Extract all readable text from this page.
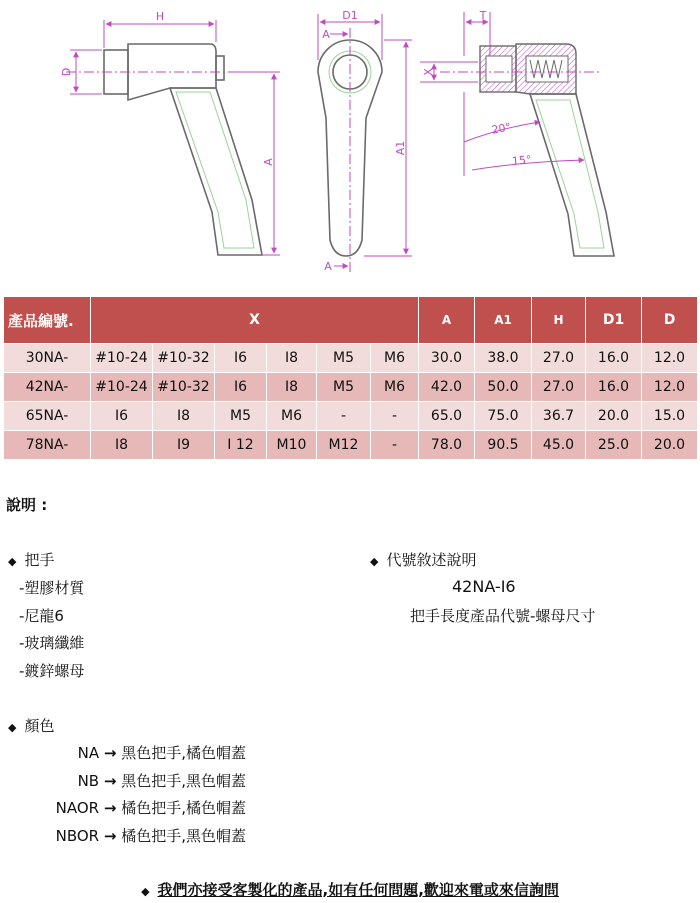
H
D
A
D1
A
A
A1
T
X
20°
15°
產品編號.	X						A	A1	H	D1	D
30NA-	#10-24	#10-32	I6	I8	M5	M6	30.0	38.0	27.0	16.0	12.0
42NA-	#10-24	#10-32	I6	I8	M5	M6	42.0	50.0	27.0	16.0	12.0
65NA-	I6	I8	M5	M6	-	-	65.0	75.0	36.7	20.0	15.0
78NA-	I8	I9	I 12	M10	M12	-	78.0	90.5	45.0	25.0	20.0
說明 :
◆ 把手
-塑膠材質
-尼龍6
-玻璃纖維
-鍍鋅螺母
◆ 代號敘述說明
42NA-I6
把手長度產品代號-螺母尺寸
◆ 顏色
NA → 黑色把手,橘色帽蓋
NB → 黑色把手,黑色帽蓋
NAOR → 橘色把手,橘色帽蓋
NBOR → 橘色把手,黑色帽蓋
◆ 我們亦接受客製化的產品,如有任何問題,歡迎來電或來信詢問
